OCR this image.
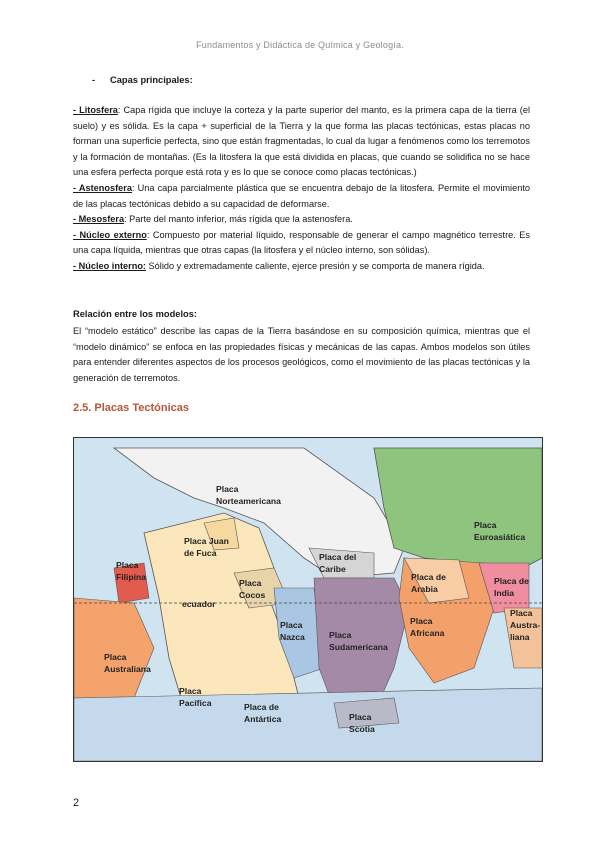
Fundamentos y Didáctica de Química y Geología.
- Capas principales:

- Litosfera: Capa rígida que incluye la corteza y la parte superior del manto, es la primera capa de la tierra (el suelo) y es sólida. Es la capa + superficial de la Tierra y la que forma las placas tectónicas, estas placas no forman una superficie perfecta, sino que están fragmentadas, lo cual da lugar a fenómenos como los terremotos y la formación de montañas. (Es la litosfera la que está dividida en placas, que cuando se solidifica no se hace una esfera perfecta porque está rota y es lo que se conoce como placas tectónicas.)

- Astenosfera: Una capa parcialmente plástica que se encuentra debajo de la litosfera. Permite el movimiento de las placas tectónicas debido a su capacidad de deformarse.

- Mesosfera: Parte del manto inferior, más rígida que la astenosfera.

- Núcleo externo: Compuesto por material líquido, responsable de generar el campo magnético terrestre. Es una capa líquida, mientras que otras capas (la litosfera y el núcleo interno, son sólidas).

- Núcleo interno: Sólido y extremadamente caliente, ejerce presión y se comporta de manera rígida.

Relación entre los modelos:

El “modelo estático” describe las capas de la Tierra basándose en su composición química, mientras que el “modelo dinámico” se enfoca en las propiedades físicas y mecánicas de las capas. Ambos modelos son útiles para entender diferentes aspectos de los procesos geológicos, como el movimiento de las placas tectónicas y la generación de terremotos.

2.5. Placas Tectónicas
Placa
Norteamericana
Placa Juan
de Fuca	Placa del
Caribe
Placa
Euroasiática
Placa
Filipina
Placa
Cocos
ecuador
Placa de
Arabia
Placa de
India
Placa
Austra-
liana
Placa
Nazca	Placa
Sudamericana
Placa
Africana
Placa
Australiana
Placa
Pacífica	Placa de
Antártica	Placa
Scotia
2
